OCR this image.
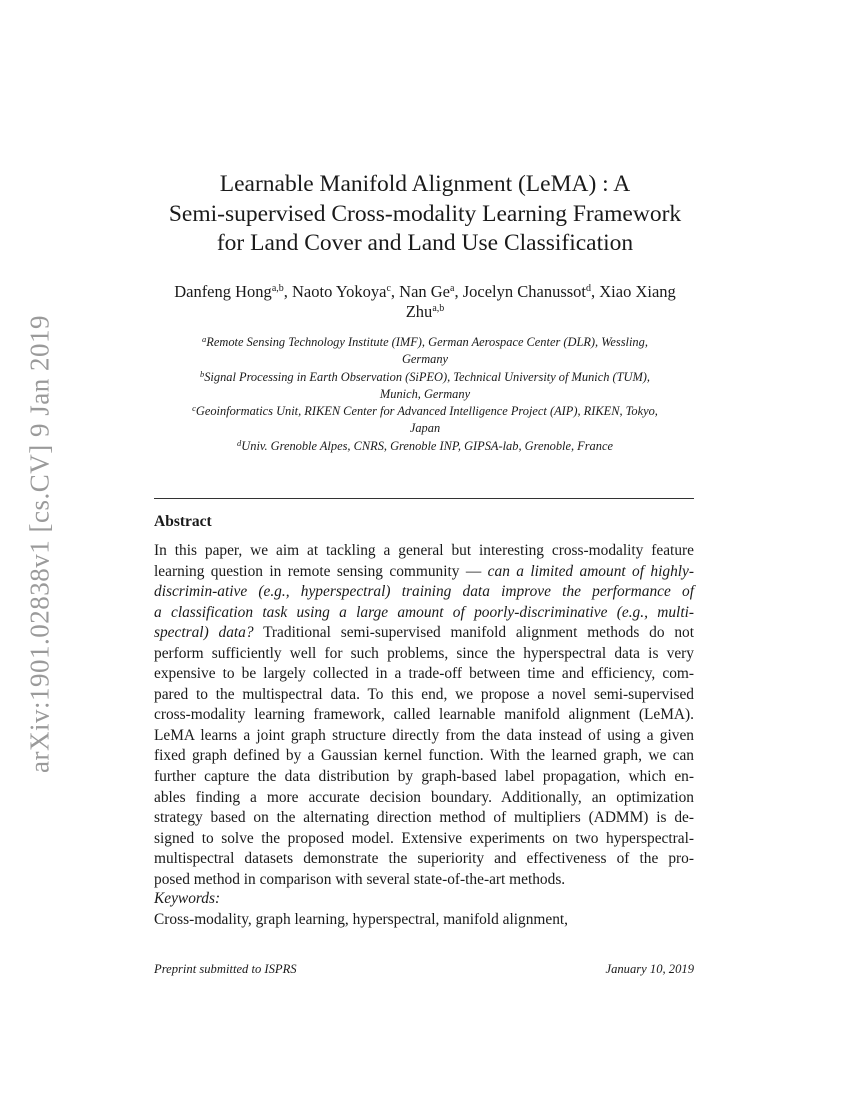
arXiv:1901.02838v1 [cs.CV] 9 Jan 2019
Learnable Manifold Alignment (LeMA) : A
Semi-supervised Cross-modality Learning Framework
for Land Cover and Land Use Classification
Danfeng Hong$^{a,b}$, Naoto Yokoya$^c$, Nan Ge$^a$, Jocelyn Chanussot$^d$, Xiao Xiang
Zhu$^{a,b}$
$^a$Remote Sensing Technology Institute (IMF), German Aerospace Center (DLR), Wessling,
Germany
$^b$Signal Processing in Earth Observation (SiPEO), Technical University of Munich (TUM),
Munich, Germany
$^c$Geoinformatics Unit, RIKEN Center for Advanced Intelligence Project (AIP), RIKEN, Tokyo,
Japan
$^d$Univ. Grenoble Alpes, CNRS, Grenoble INP, GIPSA-lab, Grenoble, France
Abstract
In this paper, we aim at tackling a general but interesting cross-modality feature
learning question in remote sensing community — can a limited amount of highly-
discrimin-ative (e.g., hyperspectral) training data improve the performance of
a classification task using a large amount of poorly-discriminative (e.g., multi-
spectral) data? Traditional semi-supervised manifold alignment methods do not
perform sufficiently well for such problems, since the hyperspectral data is very
expensive to be largely collected in a trade-off between time and efficiency, com-
pared to the multispectral data. To this end, we propose a novel semi-supervised
cross-modality learning framework, called learnable manifold alignment (LeMA).
LeMA learns a joint graph structure directly from the data instead of using a given
fixed graph defined by a Gaussian kernel function. With the learned graph, we can
further capture the data distribution by graph-based label propagation, which en-
ables finding a more accurate decision boundary. Additionally, an optimization
strategy based on the alternating direction method of multipliers (ADMM) is de-
signed to solve the proposed model. Extensive experiments on two hyperspectral-
multispectral datasets demonstrate the superiority and effectiveness of the pro-
posed method in comparison with several state-of-the-art methods.
Keywords:
Cross-modality, graph learning, hyperspectral, manifold alignment,
Preprint submitted to ISPRS	January 10, 2019
